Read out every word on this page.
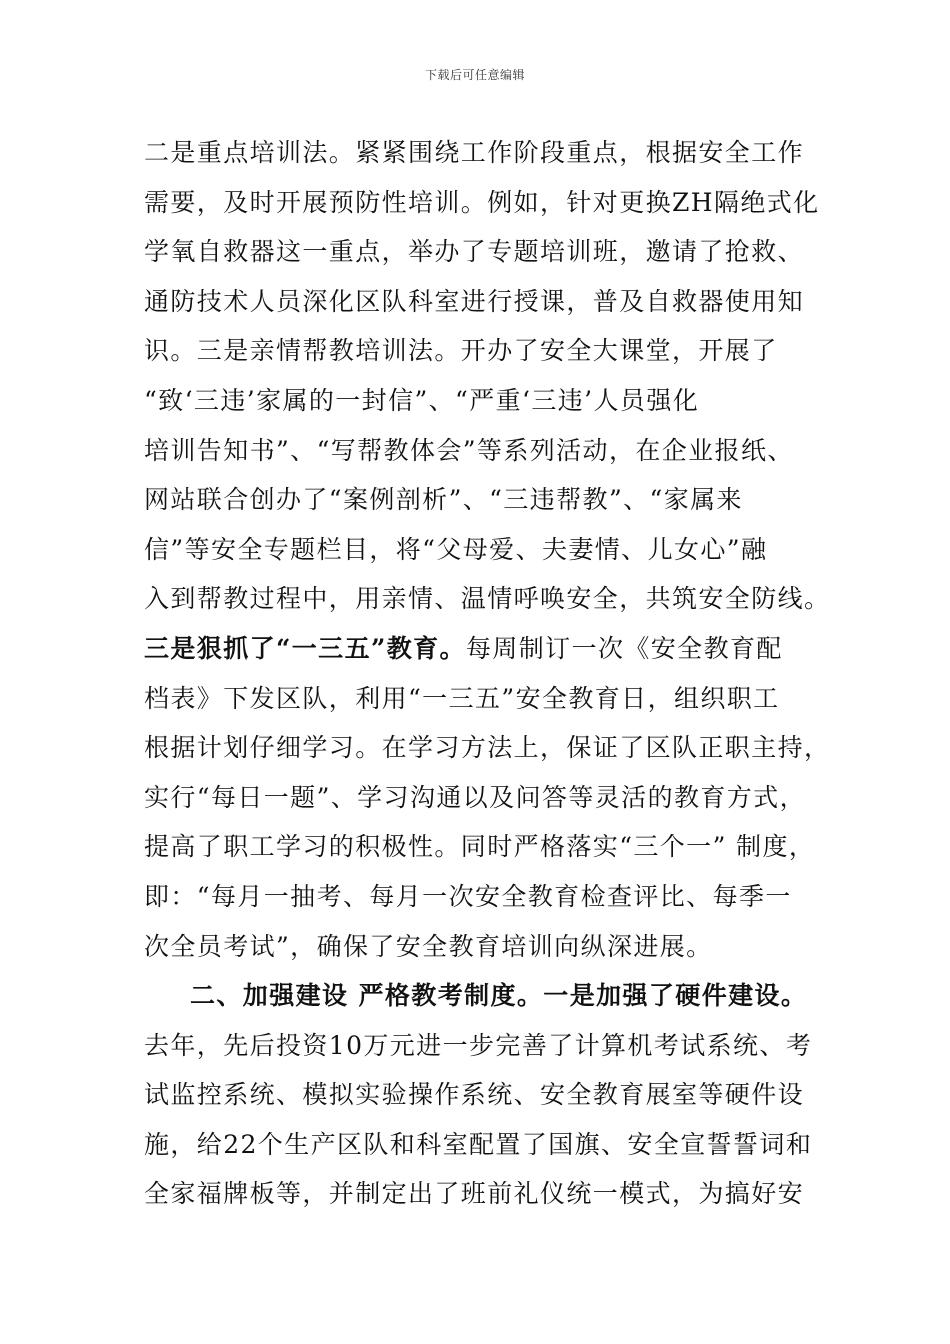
下载后可任意编辑
二是重点培训法。紧紧围绕工作阶段重点，根据安全工作
需要，及时开展预防性培训。例如，针对更换ZH隔绝式化
学氧自救器这一重点，举办了专题培训班，邀请了抢救、
通防技术人员深化区队科室进行授课，普及自救器使用知
识。三是亲情帮教培训法。开办了安全大课堂，开展了
“致‘三违’家属的一封信”、“严重‘三违’人员强化
培训告知书”、“写帮教体会”等系列活动，在企业报纸、
网站联合创办了“案例剖析”、“三违帮教”、“家属来
信”等安全专题栏目，将“父母爱、夫妻情、儿女心”融
入到帮教过程中，用亲情、温情呼唤安全，共筑安全防线。
三是狠抓了“一三五”教育。每周制订一次《安全教育配
档表》下发区队，利用“一三五”安全教育日，组织职工
根据计划仔细学习。在学习方法上，保证了区队正职主持，
实行“每日一题”、学习沟通以及问答等灵活的教育方式，
提高了职工学习的积极性。同时严格落实“三个一” 制度，
即：“每月一抽考、每月一次安全教育检查评比、每季一
次全员考试”，确保了安全教育培训向纵深进展。
二、加强建设 严格教考制度。一是加强了硬件建设。
去年，先后投资10万元进一步完善了计算机考试系统、考
试监控系统、模拟实验操作系统、安全教育展室等硬件设
施，给22个生产区队和科室配置了国旗、安全宣誓誓词和
全家福牌板等，并制定出了班前礼仪统一模式，为搞好安
